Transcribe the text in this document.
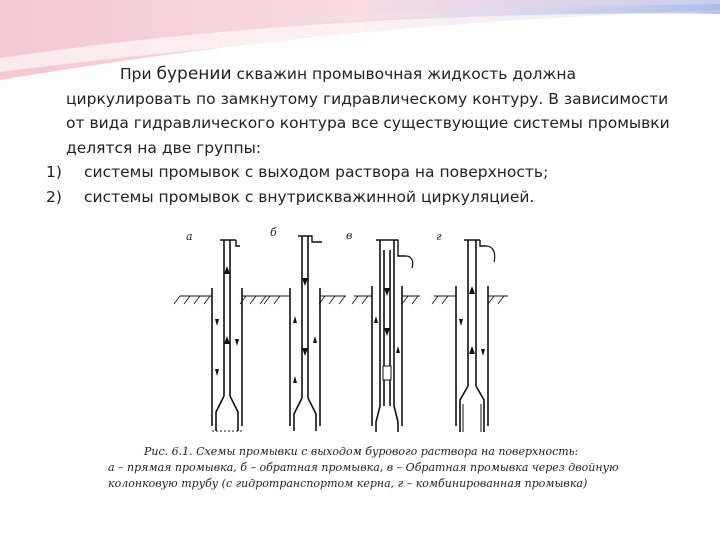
При бурении скважин промывочная жидкость должна циркулировать по замкнутому гидравлическому контуру. В зависимости от вида гидравлического контура все существующие системы промывки делятся на две группы:
1)	системы промывок с выходом раствора на поверхность;
2)	системы промывок с внутрискважинной циркуляцией.
а	б	в	г
Рис. 6.1. Схемы промывки с выходом бурового раствора на поверхность:
а – прямая промывка, б – обратная промывка, в – Обратная промывка через двойную колонковую трубу (с гидротранспортом керна, г – комбинированная промывка)
